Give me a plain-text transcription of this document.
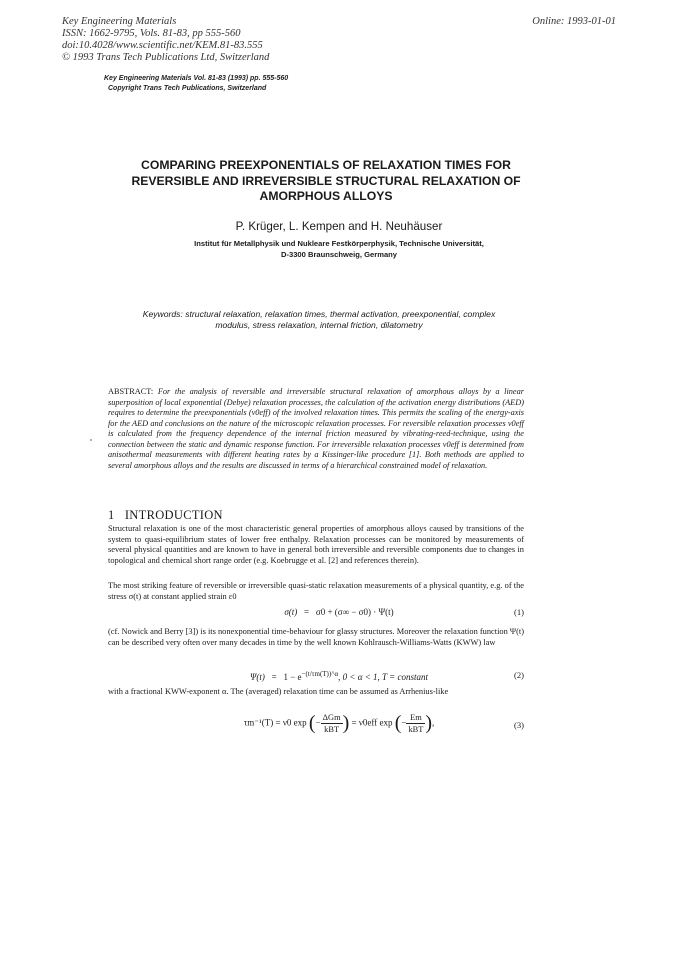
Key Engineering Materials
ISSN: 1662-9795, Vols. 81-83, pp 555-560
doi:10.4028/www.scientific.net/KEM.81-83.555
© 1993 Trans Tech Publications Ltd, Switzerland
Online: 1993-01-01
Key Engineering Materials Vol. 81-83 (1993) pp. 555-560
Copyright Trans Tech Publications, Switzerland
COMPARING PREEXPONENTIALS OF RELAXATION TIMES FOR REVERSIBLE AND IRREVERSIBLE STRUCTURAL RELAXATION OF AMORPHOUS ALLOYS
P. Krüger, L. Kempen and H. Neuhäuser
Institut für Metallphysik und Nukleare Festkörperphysik, Technische Universität,
D-3300 Braunschweig, Germany
Keywords: structural relaxation, relaxation times, thermal activation, preexponential, complex
modulus, stress relaxation, internal friction, dilatometry
ABSTRACT: For the analysis of reversible and irreversible structural relaxation of amorphous alloys by a linear superposition of local exponential (Debye) relaxation processes, the calculation of the activation energy distributions (AED) requires to determine the preexponentials (ν0eff) of the involved relaxation times. This permits the scaling of the energy-axis for the AED and conclusions on the nature of the microscopic relaxation processes. For reversible relaxation processes ν0eff is calculated from the frequency dependence of the internal friction measured by vibrating-reed-technique, using the connection between the static and dynamic response function. For irreversible relaxation processes ν0eff is determined from anisothermal measurements with different heating rates by a Kissinger-like procedure [1]. Both methods are applied to several amorphous alloys and the results are discussed in terms of a hierarchical constrained model of relaxation.
1 INTRODUCTION
Structural relaxation is one of the most characteristic general properties of amorphous alloys caused by transitions of the system to quasi-equilibrium states of lower free enthalpy. Relaxation processes can be monitored by measurements of several physical quantities and are known to have in general both irreversible and reversible components due to changes in topological and chemical short range order (e.g. Koebrugge et al. [2] and references therein).
The most striking feature of reversible or irreversible quasi-static relaxation measurements of a physical quantity, e.g. of the stress σ(t) at constant applied strain ε0
σ(t) = σ0 + (σ∞ − σ0) · Ψ(t)	(1)
(cf. Nowick and Berry [3]) is its nonexponential time-behaviour for glassy structures. Moreover the relaxation function Ψ(t) can be described very often over many decades in time by the well known Kohlrausch-Williams-Watts (KWW) law
$\Psi(t) = 1 - e^{-(t/\tau m(T))\^{}\alpha}$, 0 < α < 1, T = constant	(2)
with a fractional KWW-exponent α. The (averaged) relaxation time can be assumed as Arrhenius-like
τm⁻¹(T) = ν0 exp (− $\frac{\text{ΔGm}}{\text{kBT}}$ ) = ν0eff exp (− $\frac{Em}{\text{kBT}}$ ),	(3)
